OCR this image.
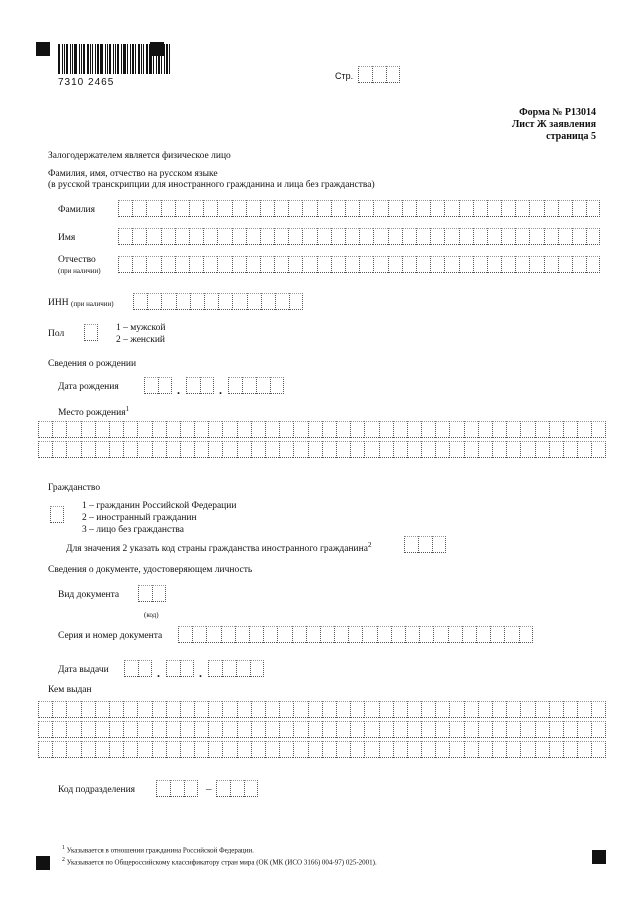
7310 2465
Стр.
Форма № Р13014
Лист Ж заявления
страница 5
Залогодержателем является физическое лицо
Фамилия, имя, отчество на русском языке
(в русской транскрипции для иностранного гражданина и лица без гражданства)
Фамилия
Имя
Отчество
(при наличии)
ИНН (при наличии)
Пол
1 – мужской
2 – женский
Сведения о рождении
Дата рождения	.	.
Место рождения$^1$
Гражданство
1 – гражданин Российской Федерации
2 – иностранный гражданин
3 – лицо без гражданства
Для значения 2 указать код страны гражданства иностранного гражданина$^2$
Сведения о документе, удостоверяющем личность
Вид документа
(код)
Серия и номер документа
Дата выдачи	.	.
Кем выдан
Код подразделения	–
$^1$ Указывается в отношении гражданина Российской Федерации.
$^2$ Указывается по Общероссийскому классификатору стран мира (ОК (МК (ИСО 3166) 004-97) 025-2001).
